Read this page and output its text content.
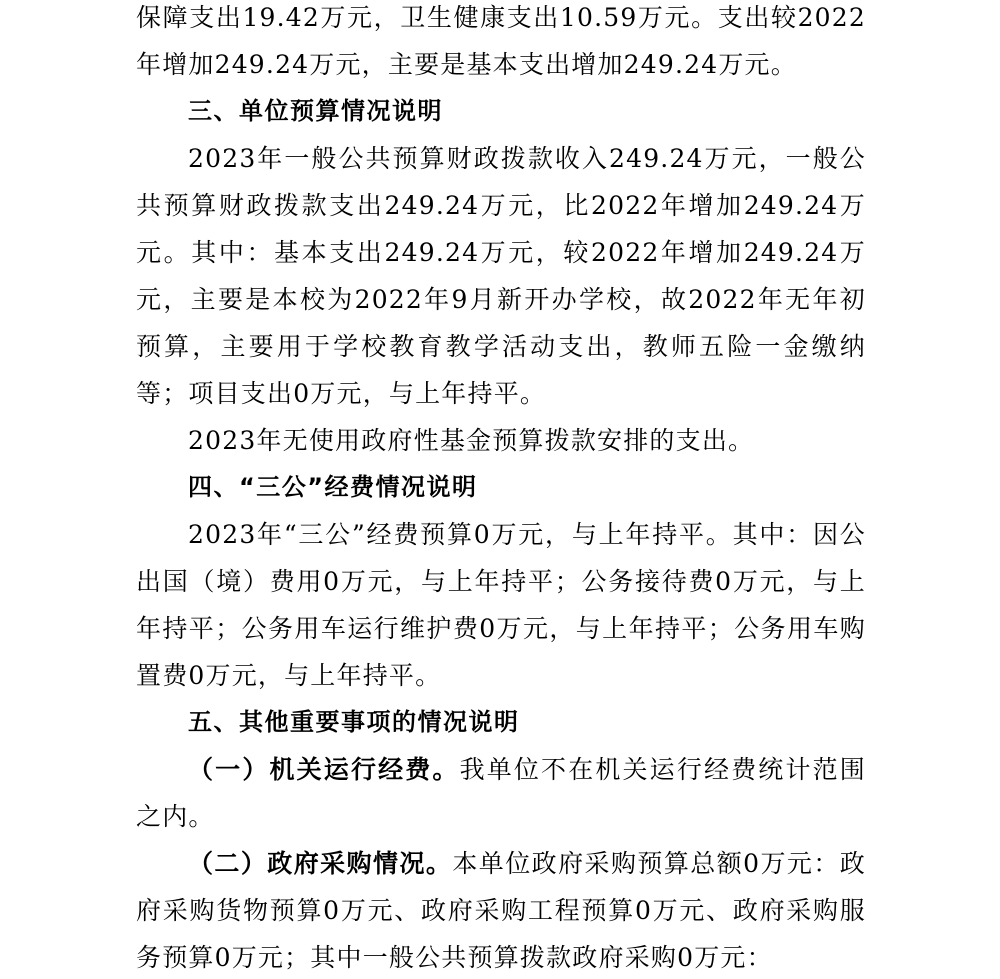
保障支出19.42万元，卫生健康支出10.59万元。支出较2022年增加249.24万元，主要是基本支出增加249.24万元。

三、单位预算情况说明

2023年一般公共预算财政拨款收入249.24万元，一般公共预算财政拨款支出249.24万元，比2022年增加249.24万元。其中：基本支出249.24万元，较2022年增加249.24万元，主要是本校为2022年9月新开办学校，故2022年无年初预算，主要用于学校教育教学活动支出，教师五险一金缴纳等；项目支出0万元，与上年持平。

2023年无使用政府性基金预算拨款安排的支出。

四、“三公”经费情况说明

2023年“三公”经费预算0万元，与上年持平。其中：因公出国（境）费用0万元，与上年持平；公务接待费0万元，与上年持平；公务用车运行维护费0万元，与上年持平；公务用车购置费0万元，与上年持平。

五、其他重要事项的情况说明

（一）机关运行经费。我单位不在机关运行经费统计范围之内。

（二）政府采购情况。本单位政府采购预算总额0万元：政府采购货物预算0万元、政府采购工程预算0万元、政府采购服务预算0万元；其中一般公共预算拨款政府采购0万元：
